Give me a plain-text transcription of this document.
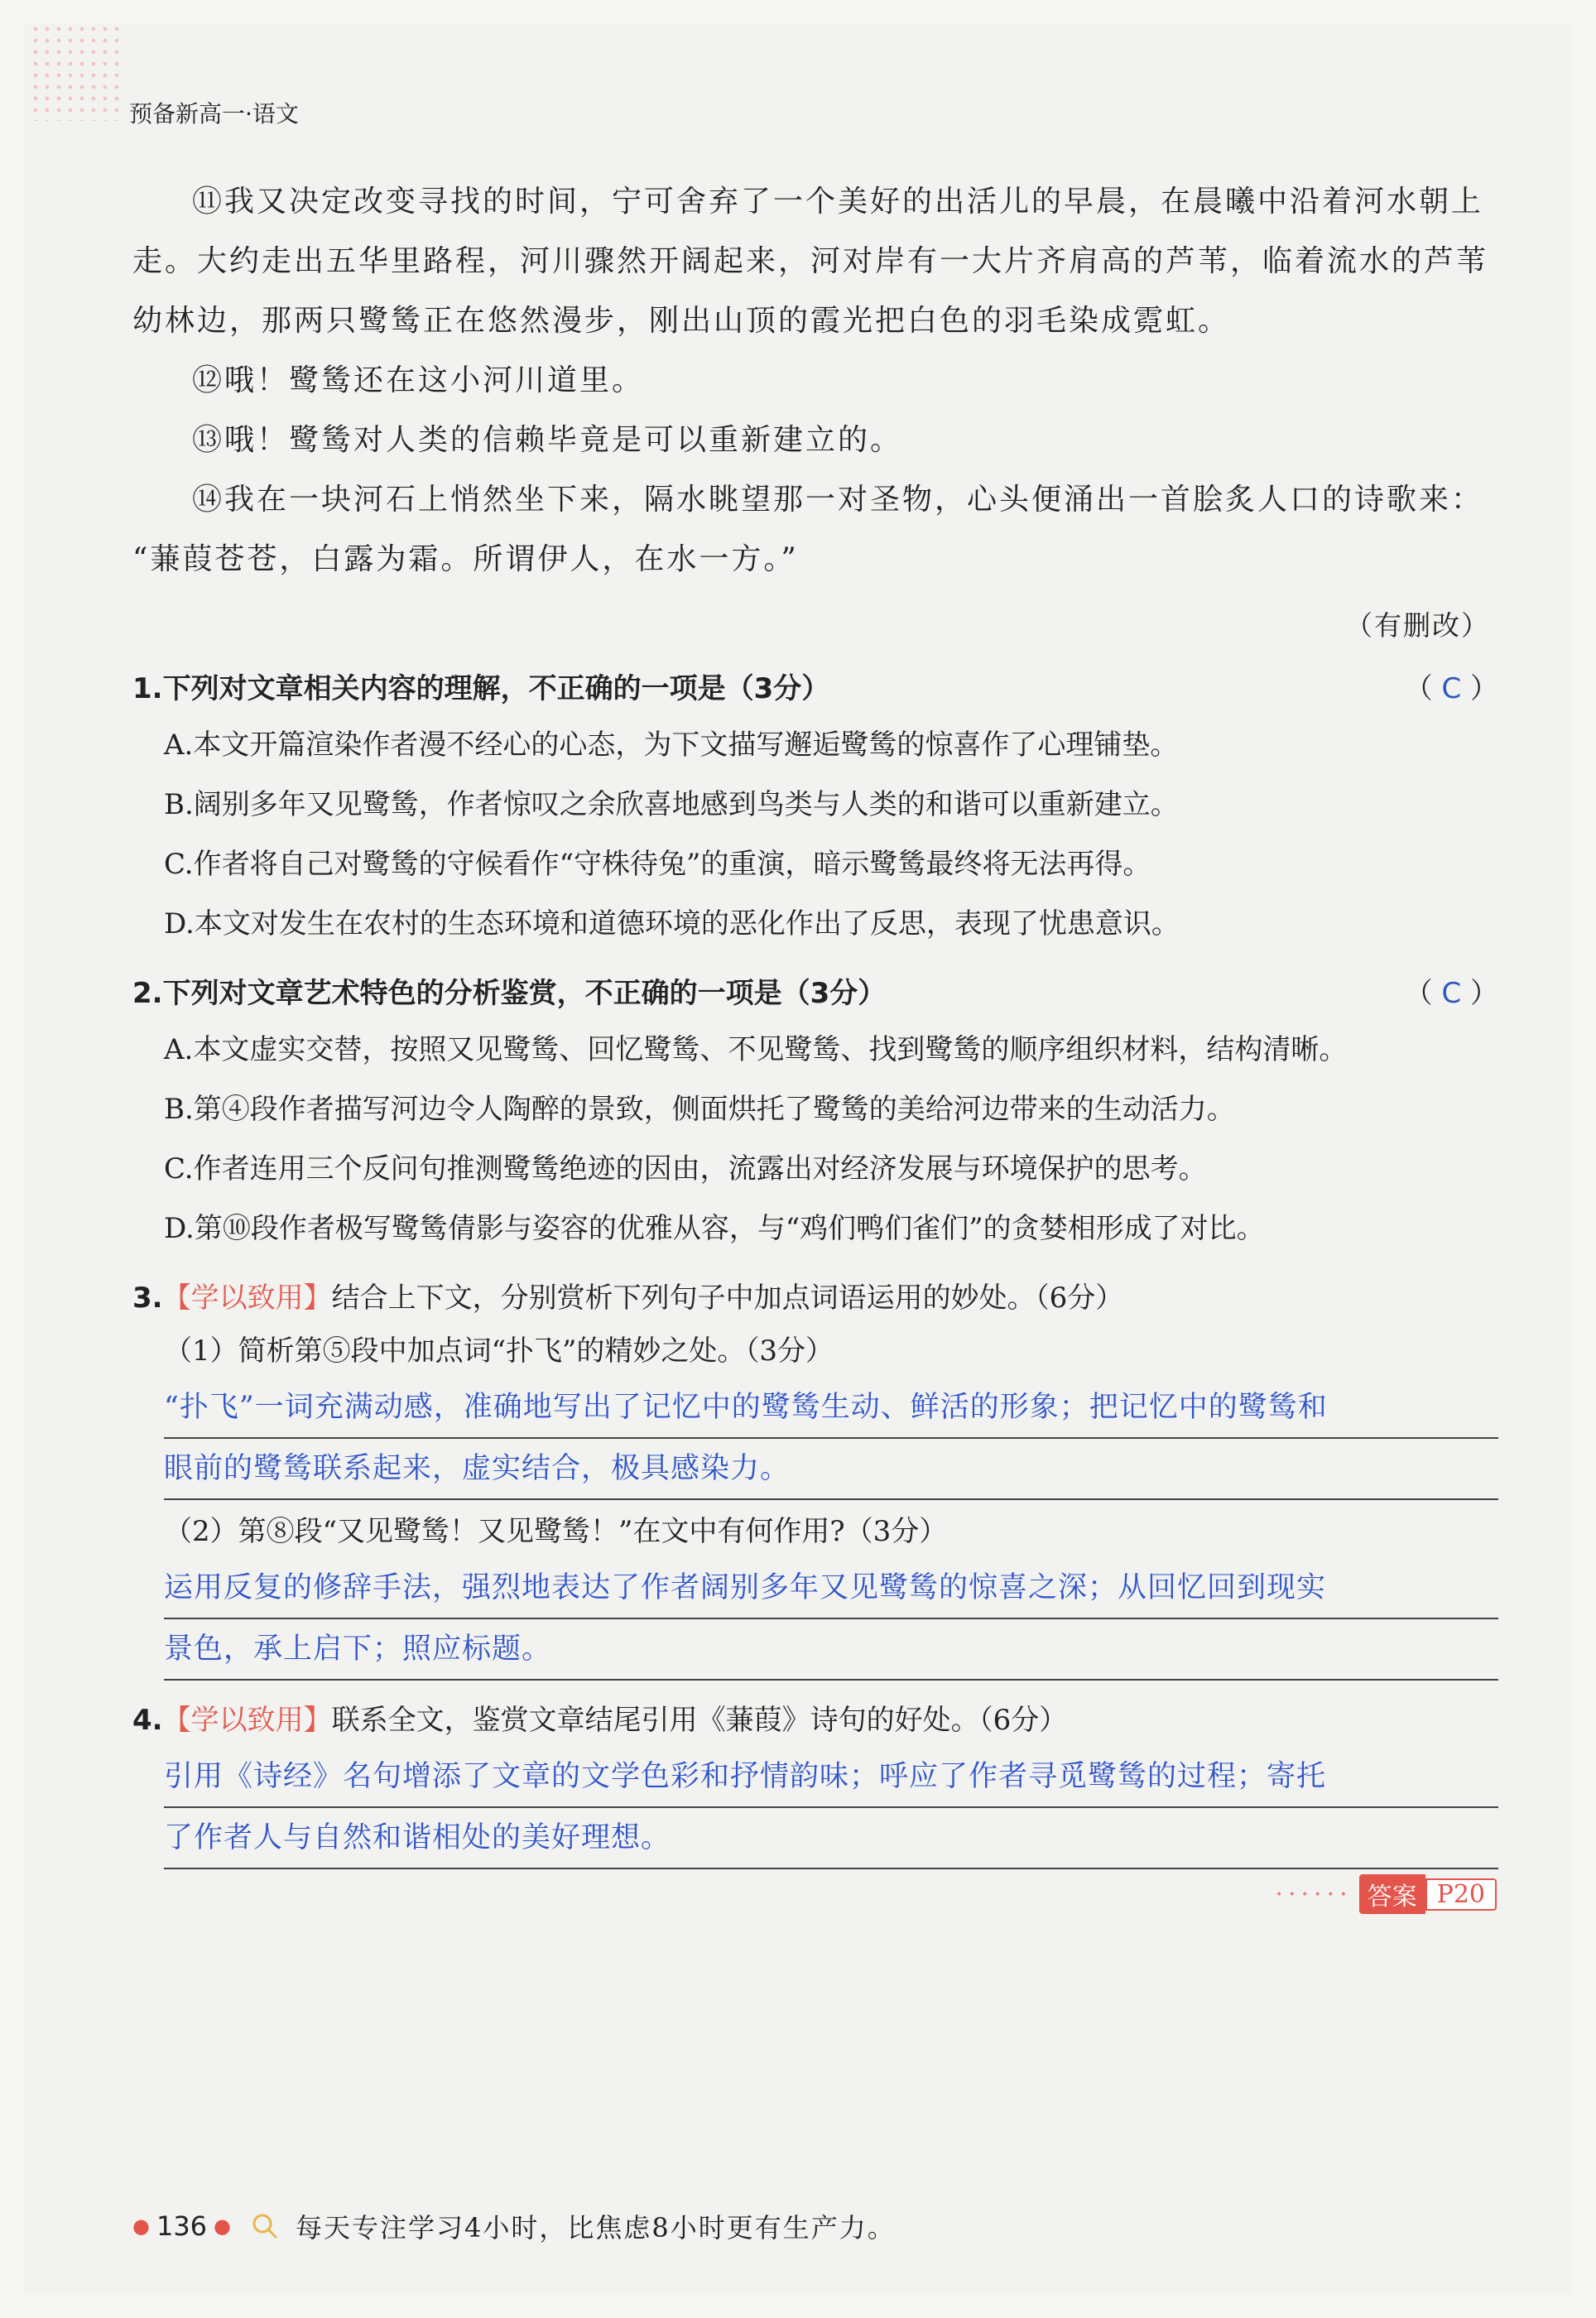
预备新高一·语文

⑪我又决定改变寻找的时间，宁可舍弃了一个美好的出活儿的早晨，在晨曦中沿着河水朝上走。大约走出五华里路程，河川骤然开阔起来，河对岸有一大片齐肩高的芦苇，临着流水的芦苇幼林边，那两只鹭鸶正在悠然漫步，刚出山顶的霞光把白色的羽毛染成霓虹。

⑫哦！鹭鸶还在这小河川道里。

⑬哦！鹭鸶对人类的信赖毕竟是可以重新建立的。

⑭我在一块河石上悄然坐下来，隔水眺望那一对圣物，心头便涌出一首脍炙人口的诗歌来：

“蒹葭苍苍，白露为霜。所谓伊人，在水一方。”

（有删改）
1.下列对文章相关内容的理解，不正确的一项是（3分）	（ C ）
A.本文开篇渲染作者漫不经心的心态，为下文描写邂逅鹭鸶的惊喜作了心理铺垫。
B.阔别多年又见鹭鸶，作者惊叹之余欣喜地感到鸟类与人类的和谐可以重新建立。
C.作者将自己对鹭鸶的守候看作“守株待兔”的重演，暗示鹭鸶最终将无法再得。
D.本文对发生在农村的生态环境和道德环境的恶化作出了反思，表现了忧患意识。
2.下列对文章艺术特色的分析鉴赏，不正确的一项是（3分）	（ C ）
A.本文虚实交替，按照又见鹭鸶、回忆鹭鸶、不见鹭鸶、找到鹭鸶的顺序组织材料，结构清晰。
B.第④段作者描写河边令人陶醉的景致，侧面烘托了鹭鸶的美给河边带来的生动活力。
C.作者连用三个反问句推测鹭鸶绝迹的因由，流露出对经济发展与环境保护的思考。
D.第⑩段作者极写鹭鸶倩影与姿容的优雅从容，与“鸡们鸭们雀们”的贪婪相形成了对比。
3.【学以致用】结合上下文，分别赏析下列句子中加点词语运用的妙处。（6分）
（1）简析第⑤段中加点词“扑飞”的精妙之处。（3分）
“扑飞”一词充满动感，准确地写出了记忆中的鹭鸶生动、鲜活的形象；把记忆中的鹭鸶和
眼前的鹭鸶联系起来，虚实结合，极具感染力。
（2）第⑧段“又见鹭鸶！又见鹭鸶！”在文中有何作用?（3分）
运用反复的修辞手法，强烈地表达了作者阔别多年又见鹭鸶的惊喜之深；从回忆回到现实
景色，承上启下；照应标题。
4.【学以致用】联系全文，鉴赏文章结尾引用《蒹葭》诗句的好处。（6分）
引用《诗经》名句增添了文章的文学色彩和抒情韵味；呼应了作者寻觅鹭鸶的过程；寄托
了作者人与自然和谐相处的美好理想。
······ 答案 P20
● 136 ● 每天专注学习4小时，比焦虑8小时更有生产力。
